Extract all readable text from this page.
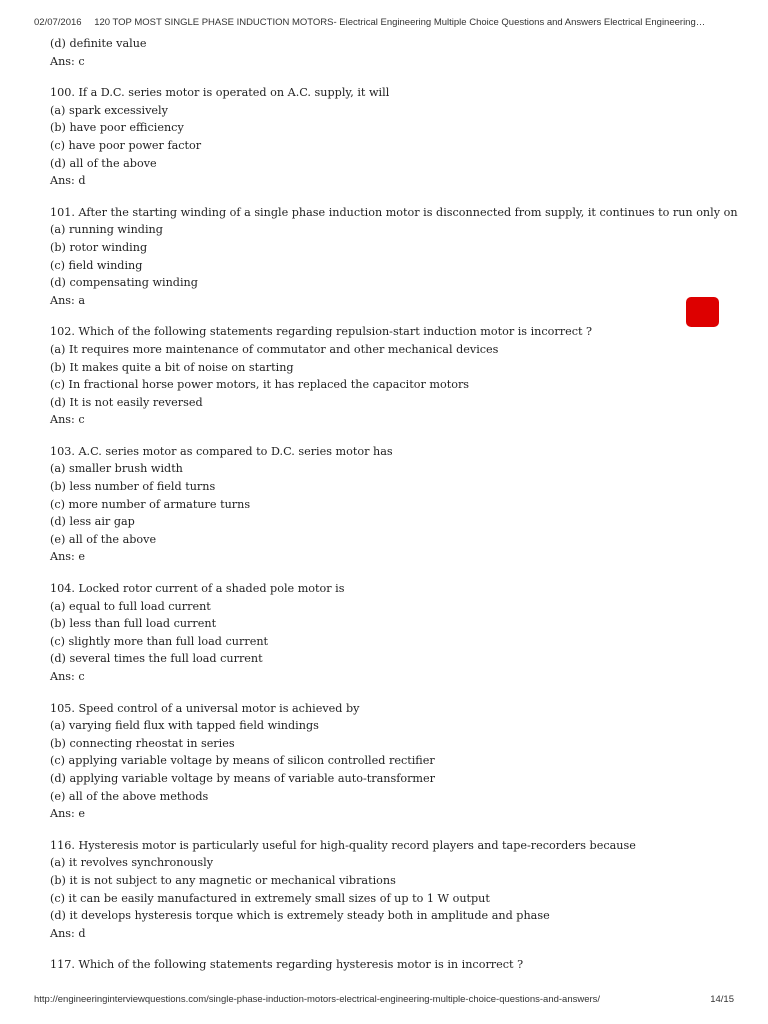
02/07/2016 120 TOP MOST SINGLE PHASE INDUCTION MOTORS- Electrical Engineering Multiple Choice Questions and Answers Electrical Engineering…
(d) definite value
Ans: c
100. If a D.C. series motor is operated on A.C. supply, it will
(a) spark excessively
(b) have poor efficiency
(c) have poor power factor
(d) all of the above
Ans: d
101. After the starting winding of a single phase induction motor is disconnected from supply, it continues to run only on
(a) running winding
(b) rotor winding
(c) field winding
(d) compensating winding
Ans: a
102. Which of the following statements regarding repulsion-start induction motor is incorrect ?
(a) It requires more maintenance of commutator and other mechanical devices
(b) It makes quite a bit of noise on starting
(c) In fractional horse power motors, it has replaced the capacitor motors
(d) It is not easily reversed
Ans: c
103. A.C. series motor as compared to D.C. series motor has
(a) smaller brush width
(b) less number of field turns
(c) more number of armature turns
(d) less air gap
(e) all of the above
Ans: e
104. Locked rotor current of a shaded pole motor is
(a) equal to full load current
(b) less than full load current
(c) slightly more than full load current
(d) several times the full load current
Ans: c
105. Speed control of a universal motor is achieved by
(a) varying field flux with tapped field windings
(b) connecting rheostat in series
(c) applying variable voltage by means of silicon controlled rectifier
(d) applying variable voltage by means of variable auto-transformer
(e) all of the above methods
Ans: e
116. Hysteresis motor is particularly useful for high-quality record players and tape-recorders because
(a) it revolves synchronously
(b) it is not subject to any magnetic or mechanical vibrations
(c) it can be easily manufactured in extremely small sizes of up to 1 W output
(d) it develops hysteresis torque which is extremely steady both in amplitude and phase
Ans: d
117. Which of the following statements regarding hysteresis motor is in incorrect ?
http://engineeringinterviewquestions.com/single-phase-induction-motors-electrical-engineering-multiple-choice-questions-and-answers/	14/15
